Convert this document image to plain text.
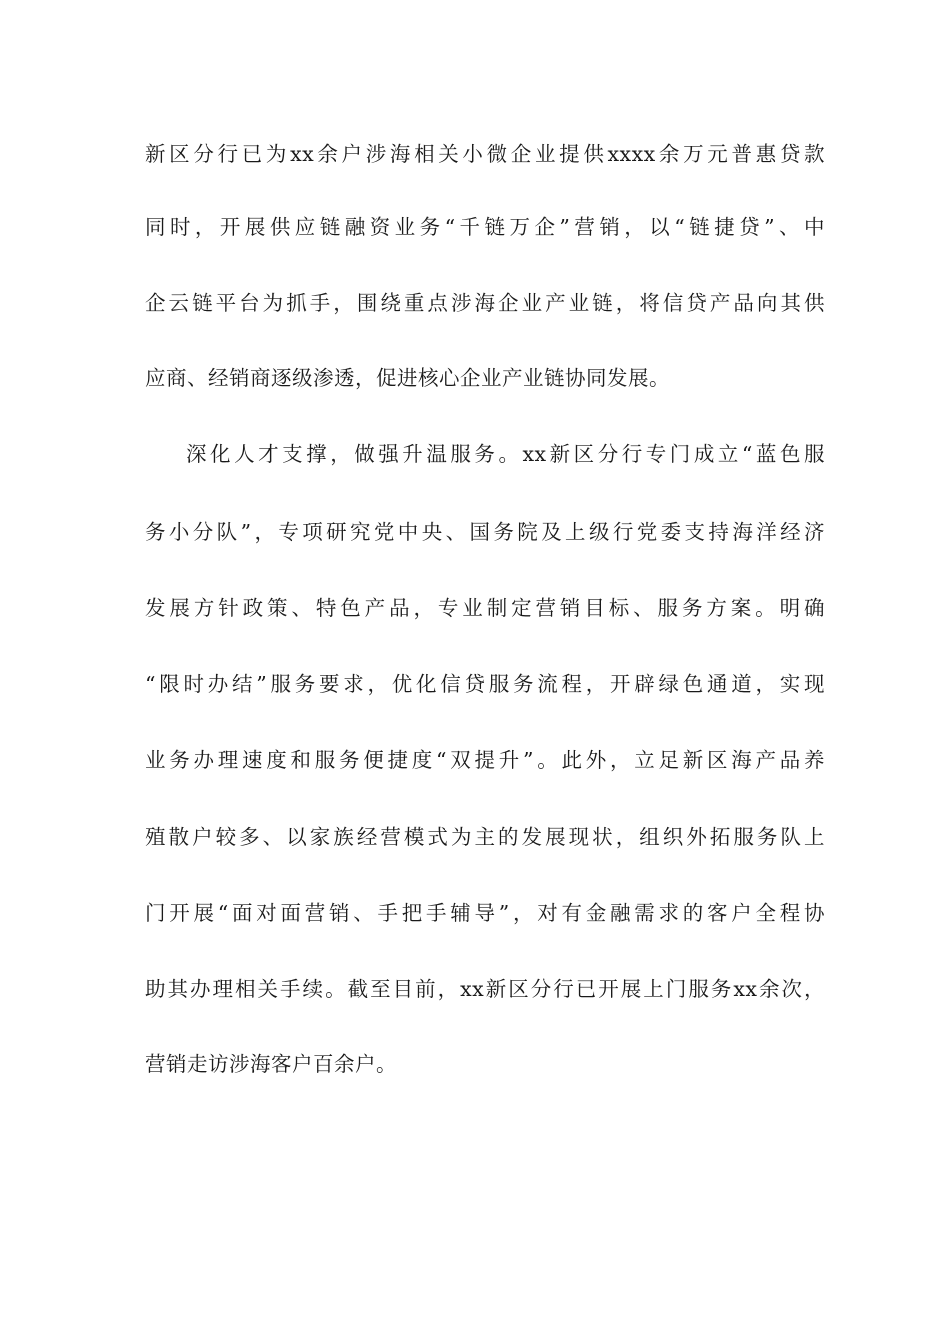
新区分行已为xx余户涉海相关小微企业提供xxxx余万元普惠贷款
同时，开展供应链融资业务“千链万企”营销，以“链捷贷”、中
企云链平台为抓手，围绕重点涉海企业产业链，将信贷产品向其供
应商、经销商逐级渗透，促进核心企业产业链协同发展。
深化人才支撑，做强升温服务。xx新区分行专门成立“蓝色服
务小分队”，专项研究党中央、国务院及上级行党委支持海洋经济
发展方针政策、特色产品，专业制定营销目标、服务方案。明确
“限时办结”服务要求，优化信贷服务流程，开辟绿色通道，实现
业务办理速度和服务便捷度“双提升”。此外，立足新区海产品养
殖散户较多、以家族经营模式为主的发展现状，组织外拓服务队上
门开展“面对面营销、手把手辅导”，对有金融需求的客户全程协
助其办理相关手续。截至目前，xx新区分行已开展上门服务xx余次，
营销走访涉海客户百余户。
